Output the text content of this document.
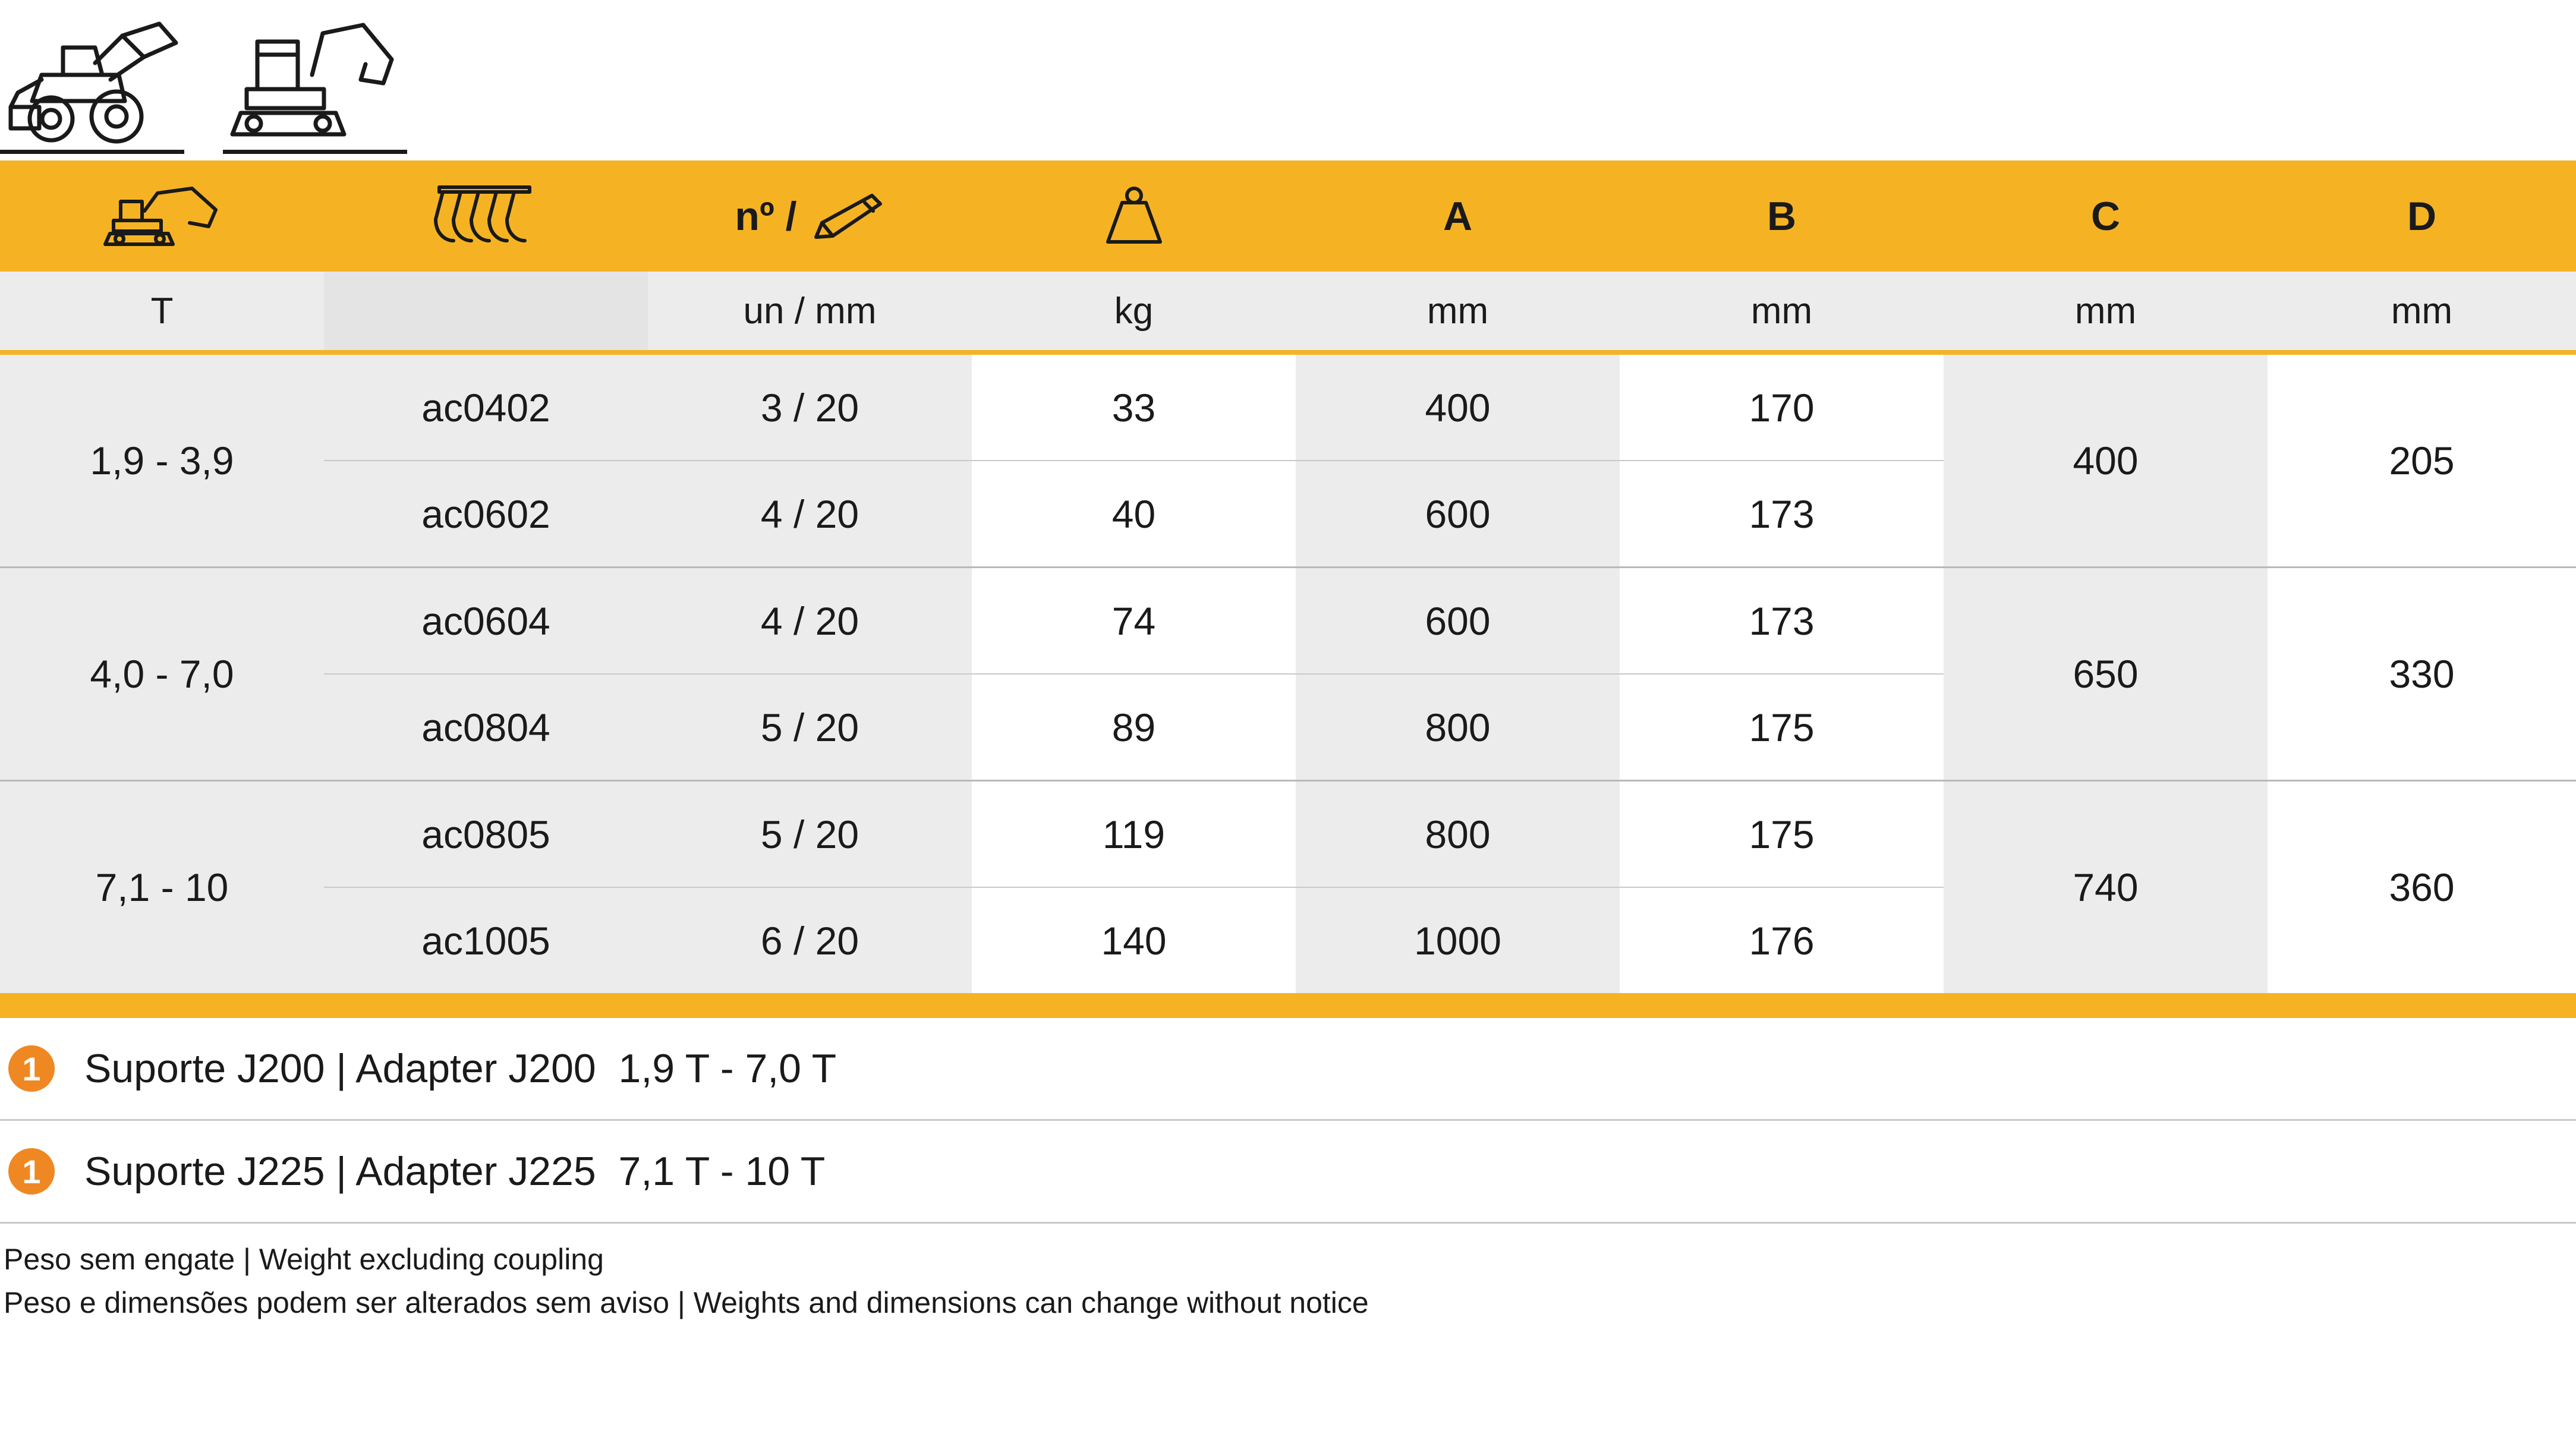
nº /		A	B	C	D
T		un / mm	kg	mm	mm	mm	mm

1,9 - 3,9	ac0402	3 / 20	33	400	170	400	205
	ac0602	4 / 20	40	600	173		
4,0 - 7,0	ac0604	4 / 20	74	600	173	650	330
	ac0804	5 / 20	89	800	175		
7,1 - 10	ac0805	5 / 20	119	800	175	740	360
	ac1005	6 / 20	140	1000	176		
1	Suporte J200 | Adapter J200  1,9 T - 7,0 T
1	Suporte J225 | Adapter J225  7,1 T - 10 T
Peso sem engate | Weight excluding coupling
Peso e dimensões podem ser alterados sem aviso | Weights and dimensions can change without notice
